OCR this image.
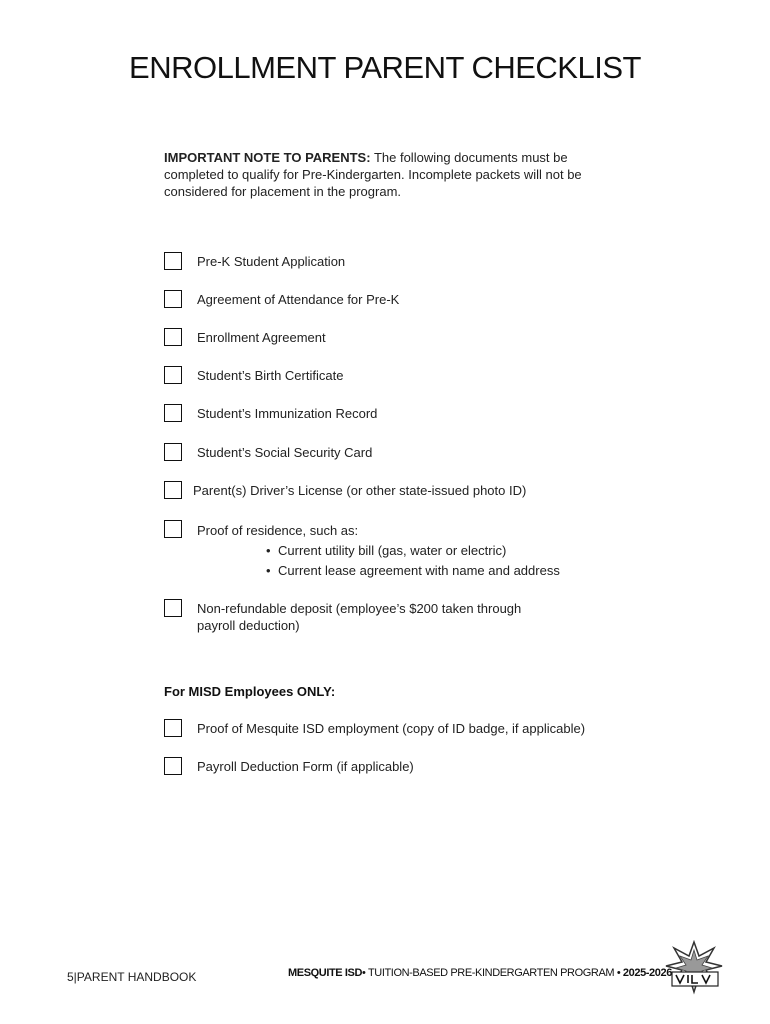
ENROLLMENT PARENT CHECKLIST
IMPORTANT NOTE TO PARENTS: The following documents must be completed to qualify for Pre-Kindergarten. Incomplete packets will not be considered for placement in the program.
Pre-K Student Application
Agreement of Attendance for Pre-K
Enrollment Agreement
Student’s Birth Certificate
Student’s Immunization Record
Student’s Social Security Card
Parent(s) Driver’s License (or other state-issued photo ID)
Proof of residence, such as:
• Current utility bill (gas, water or electric)
• Current lease agreement with name and address
Non-refundable deposit (employee’s $200 taken through
payroll deduction)
For MISD Employees ONLY:
Proof of Mesquite ISD employment (copy of ID badge, if applicable)
Payroll Deduction Form (if applicable)
5|PARENT HANDBOOK	MESQUITE ISD• TUITION-BASED PRE-KINDERGARTEN PROGRAM • 2025-2026
